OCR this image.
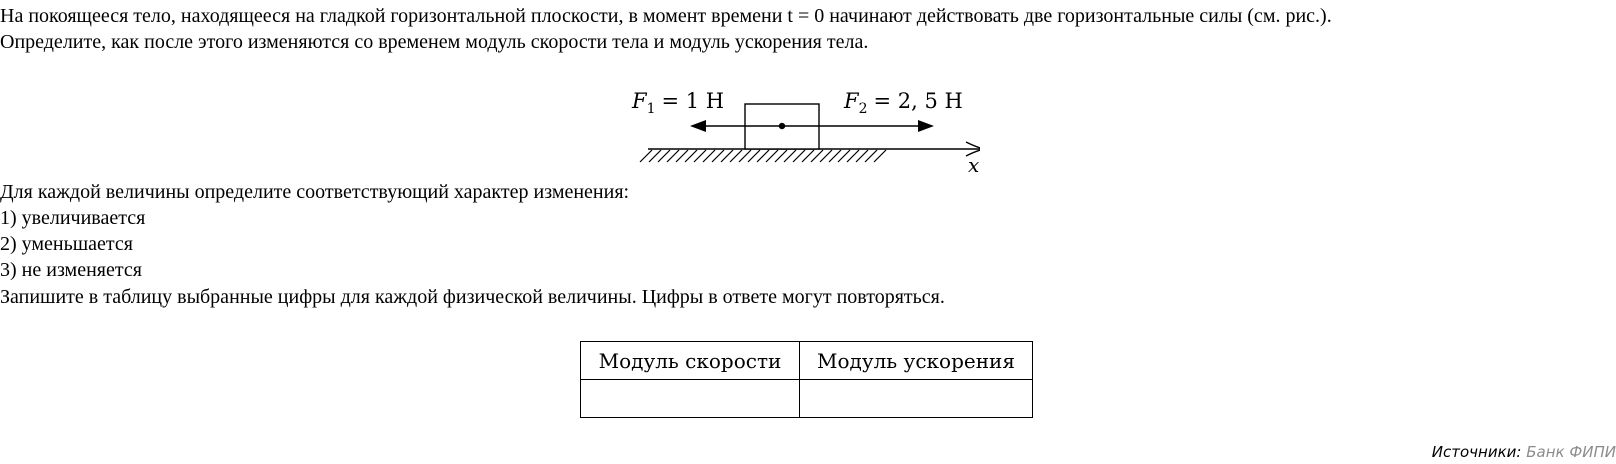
На покоящееся тело, находящееся на гладкой горизонтальной плоскости, в момент времени t = 0 начинают действовать две горизонтальные силы (см. рис.).
Определите, как после этого изменяются со временем модуль скорости тела и модуль ускорения тела.
x
$F_1 = 1$ Н	$F_2 = 2$, 5 Н
Для каждой величины определите соответствующий характер изменения:
1) увеличивается
2) уменьшается
3) не изменяется
Запишите в таблицу выбранные цифры для каждой физической величины. Цифры в ответе могут повторяться.
Модуль скорости	Модуль ускорения

Источники: Банк ФИПИ
